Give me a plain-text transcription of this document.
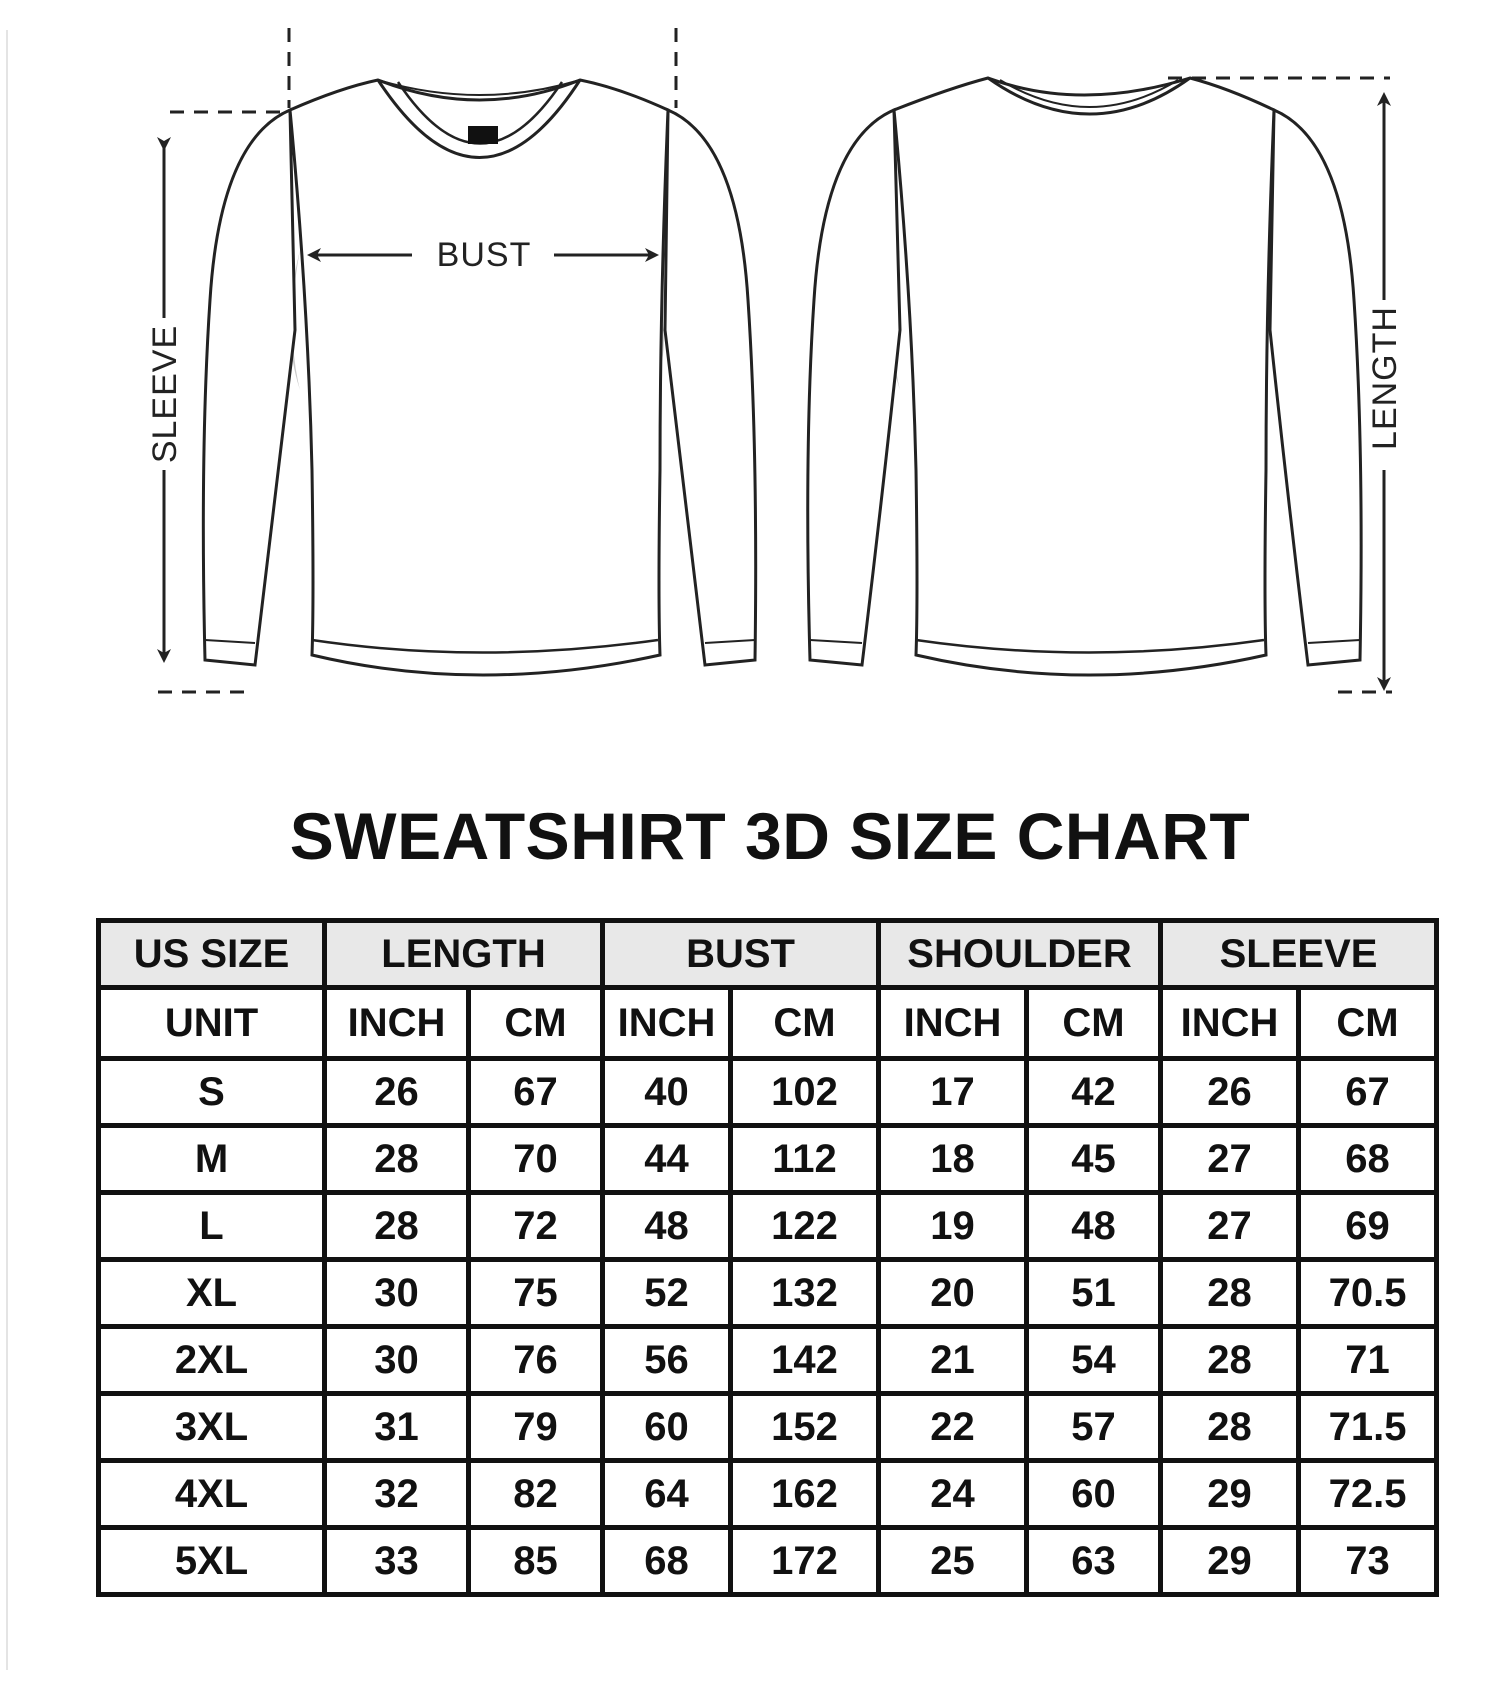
SLEEVE
BUST
LENGTH
SWEATSHIRT 3D SIZE CHART
US SIZE	LENGTH		BUST		SHOULDER		SLEEVE	
UNIT	INCH	CM	INCH	CM	INCH	CM	INCH	CM
S	26	67	40	102	17	42	26	67
M	28	70	44	112	18	45	27	68
L	28	72	48	122	19	48	27	69
XL	30	75	52	132	20	51	28	70.5
2XL	30	76	56	142	21	54	28	71
3XL	31	79	60	152	22	57	28	71.5
4XL	32	82	64	162	24	60	29	72.5
5XL	33	85	68	172	25	63	29	73
